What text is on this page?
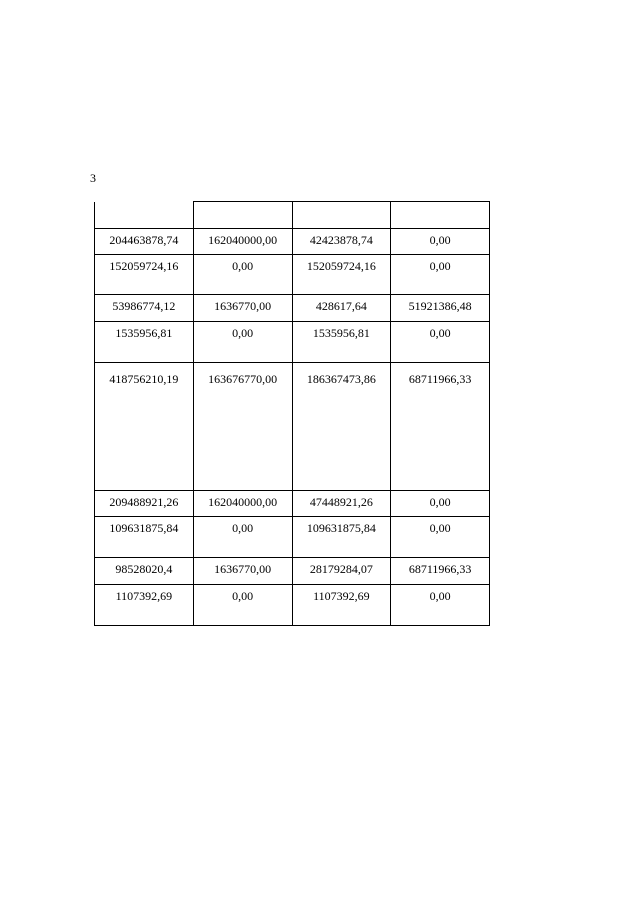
3

204463878,74	162040000,00	42423878,74	0,00
152059724,16	0,00	152059724,16	0,00
53986774,12	1636770,00	428617,64	51921386,48
1535956,81	0,00	1535956,81	0,00
418756210,19	163676770,00	186367473,86	68711966,33
209488921,26	162040000,00	47448921,26	0,00
109631875,84	0,00	109631875,84	0,00
98528020,4	1636770,00	28179284,07	68711966,33
1107392,69	0,00	1107392,69	0,00
